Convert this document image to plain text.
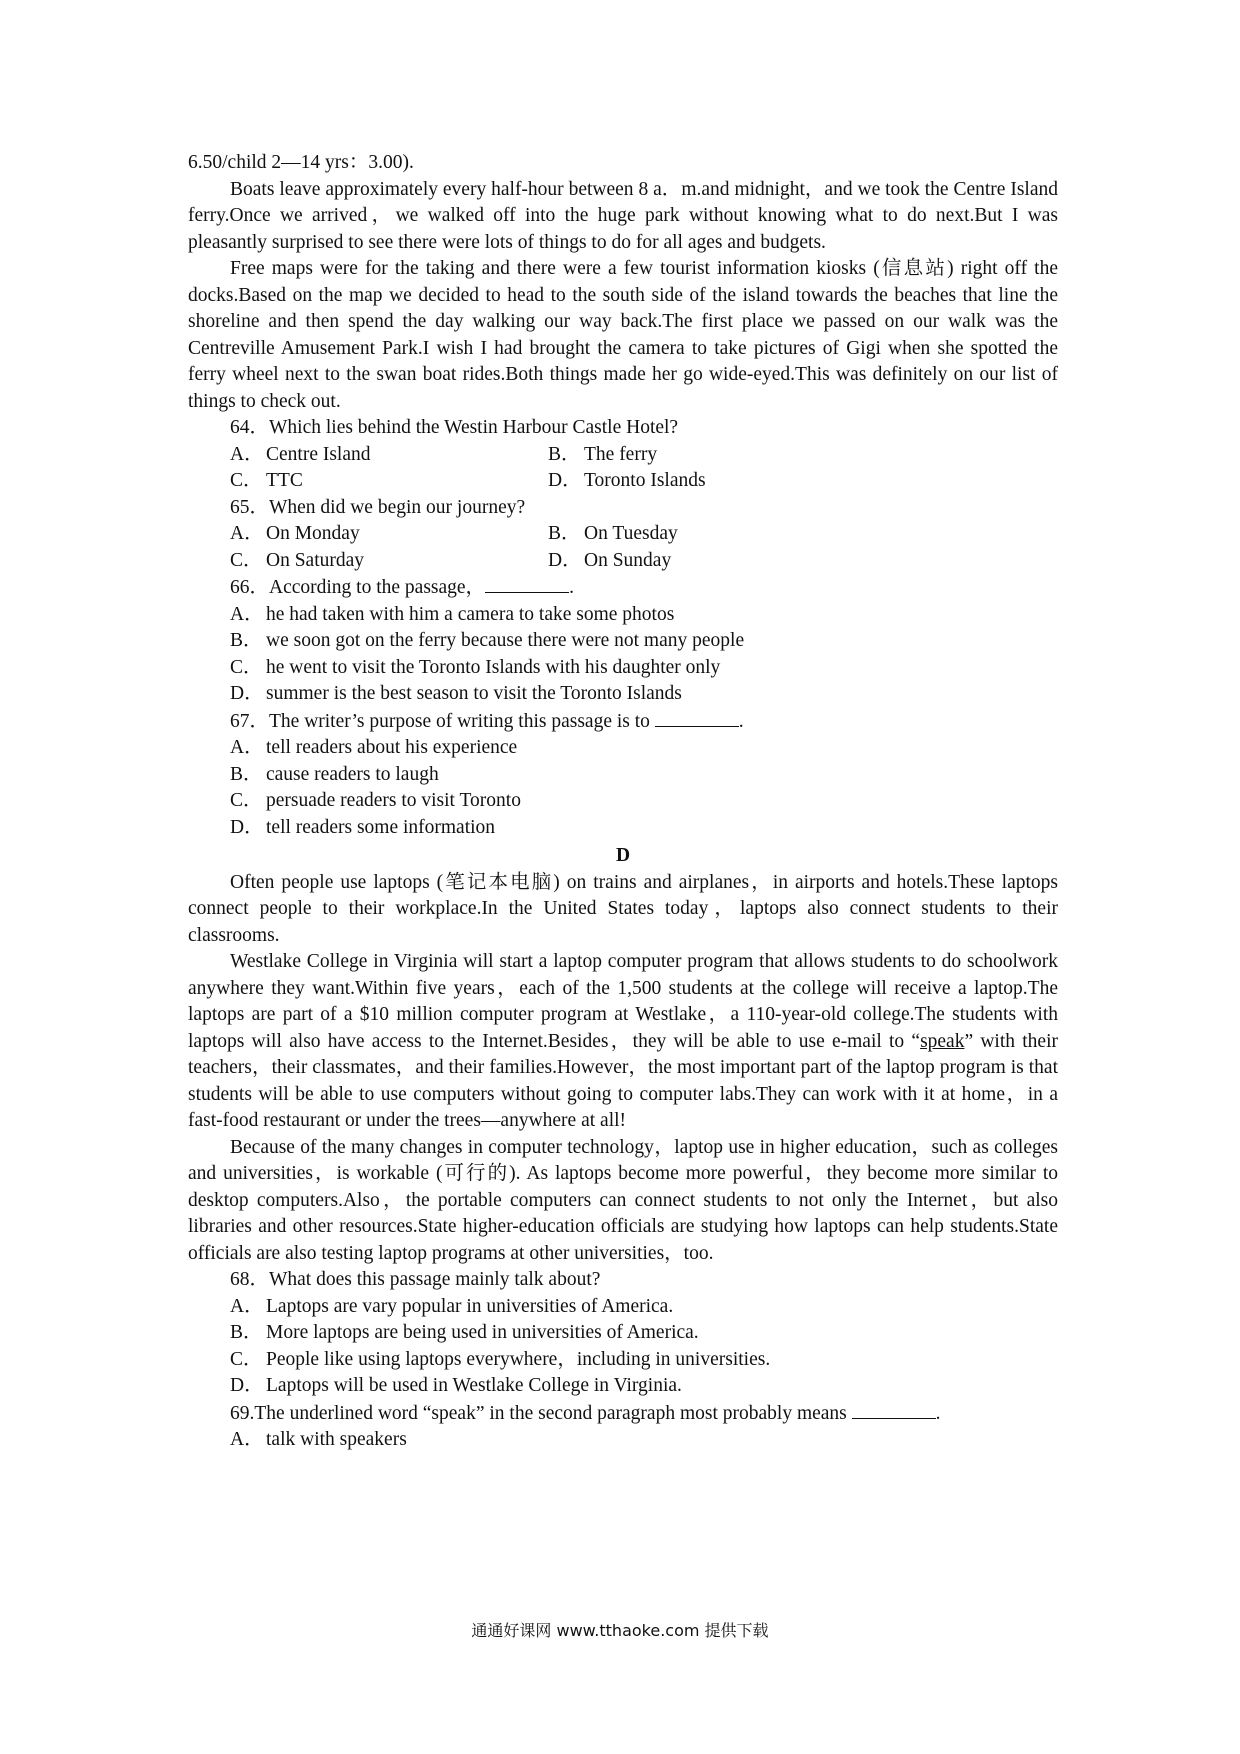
6.50/child 2—14 yrs：3.00).

Boats leave approximately every half-hour between 8 a．m.and midnight，and we took the Centre Island ferry.Once we arrived，we walked off into the huge park without knowing what to do next.But I was pleasantly surprised to see there were lots of things to do for all ages and budgets.

Free maps were for the taking and there were a few tourist information kiosks (信息站) right off the docks.Based on the map we decided to head to the south side of the island towards the beaches that line the shoreline and then spend the day walking our way back.The first place we passed on our walk was the Centreville Amusement Park.I wish I had brought the camera to take pictures of Gigi when she spotted the ferry wheel next to the swan boat rides.Both things made her go wide-eyed.This was definitely on our list of things to check out.

64．Which lies behind the Westin Harbour Castle Hotel?

A． Centre Island	B． The ferry
C． TTC	D． Toronto Islands

65．When did we begin our journey?

A． On Monday	B． On Tuesday
C． On Saturday	D． On Sunday

66．According to the passage，	.

A． he had taken with him a camera to take some photos

B． we soon got on the ferry because there were not many people

C． he went to visit the Toronto Islands with his daughter only

D． summer is the best season to visit the Toronto Islands

67．The writer’s purpose of writing this passage is to	.

A． tell readers about his experience

B． cause readers to laugh

C． persuade readers to visit Toronto

D． tell readers some information

D

Often people use laptops (笔记本电脑) on trains and airplanes，in airports and hotels.These laptops connect people to their workplace.In the United States today，laptops also connect students to their classrooms.

Westlake College in Virginia will start a laptop computer program that allows students to do schoolwork anywhere they want.Within five years，each of the 1,500 students at the college will receive a laptop.The laptops are part of a $10 million computer program at Westlake，a 110-year-old college.The students with laptops will also have access to the Internet.Besides，they will be able to use e-mail to “speak” with their teachers，their classmates，and their families.However，the most important part of the laptop program is that students will be able to use computers without going to computer labs.They can work with it at home，in a fast-food restaurant or under the trees—anywhere at all!

Because of the many changes in computer technology，laptop use in higher education，such as colleges and universities，is workable (可行的). As laptops become more powerful，they become more similar to desktop computers.Also，the portable computers can connect students to not only the Internet，but also libraries and other resources.State higher-education officials are studying how laptops can help students.State officials are also testing laptop programs at other universities，too.

68．What does this passage mainly talk about?

A． Laptops are vary popular in universities of America.

B． More laptops are being used in universities of America.

C． People like using laptops everywhere，including in universities.

D． Laptops will be used in Westlake College in Virginia.

69.The underlined word “speak” in the second paragraph most probably means	.

A． talk with speakers

通通好课网 www.tthaoke.com 提供下载
